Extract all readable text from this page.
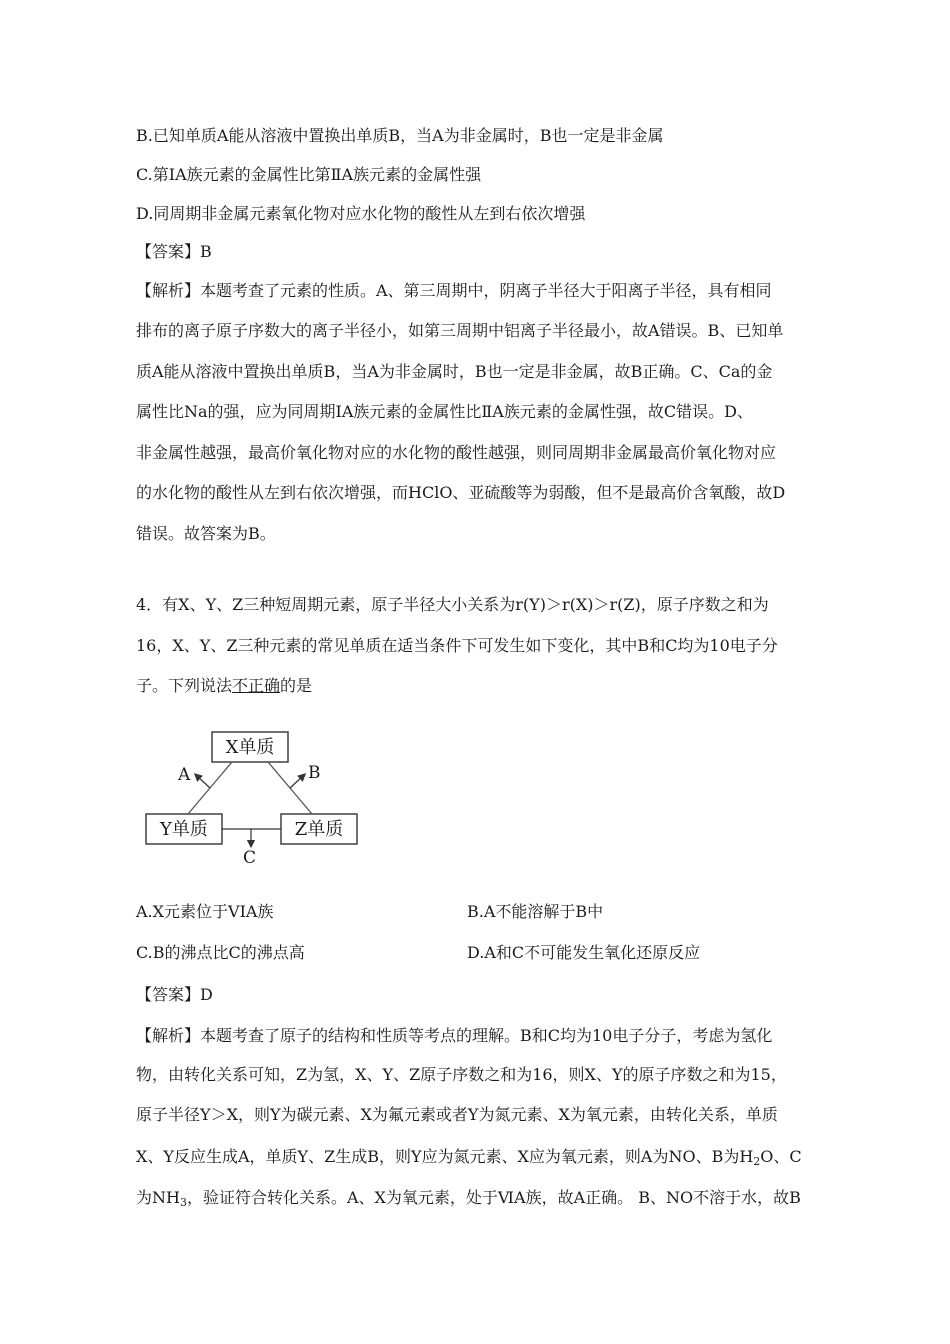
B.已知单质A能从溶液中置换出单质B，当A为非金属时，B也一定是非金属
C.第ⅠA族元素的金属性比第ⅡA族元素的金属性强
D.同周期非金属元素氧化物对应水化物的酸性从左到右依次增强
【答案】B
【解析】本题考查了元素的性质。A、第三周期中，阴离子半径大于阳离子半径，具有相同
排布的离子原子序数大的离子半径小，如第三周期中铝离子半径最小，故A错误。B、已知单
质A能从溶液中置换出单质B，当A为非金属时，B也一定是非金属，故B正确。C、Ca的金
属性比Na的强，应为同周期ⅠA族元素的金属性比ⅡA族元素的金属性强，故C错误。D、
非金属性越强，最高价氧化物对应的水化物的酸性越强，则同周期非金属最高价氧化物对应
的水化物的酸性从左到右依次增强，而HClO、亚硫酸等为弱酸，但不是最高价含氧酸，故D
错误。故答案为B。
4．有X、Y、Z三种短周期元素，原子半径大小关系为r(Y)＞r(X)＞r(Z)，原子序数之和为
16，X、Y、Z三种元素的常见单质在适当条件下可发生如下变化，其中B和C均为10电子分
子。下列说法不正确的是
X单质
Y单质	Z单质
A	B
C
A.X元素位于VIA族	B.A不能溶解于B中
C.B的沸点比C的沸点高	D.A和C不可能发生氧化还原反应
【答案】D
【解析】本题考查了原子的结构和性质等考点的理解。B和C均为10电子分子，考虑为氢化
物，由转化关系可知，Z为氢，X、Y、Z原子序数之和为16，则X、Y的原子序数之和为15，
原子半径Y＞X，则Y为碳元素、X为氟元素或者Y为氮元素、X为氧元素，由转化关系，单质
X、Y反应生成A，单质Y、Z生成B，则Y应为氮元素、X应为氧元素，则A为NO、B为$H_2O$、C
为$NH_3$，验证符合转化关系。A、X为氧元素，处于ⅥA族，故A正确。 B、NO不溶于水，故B
